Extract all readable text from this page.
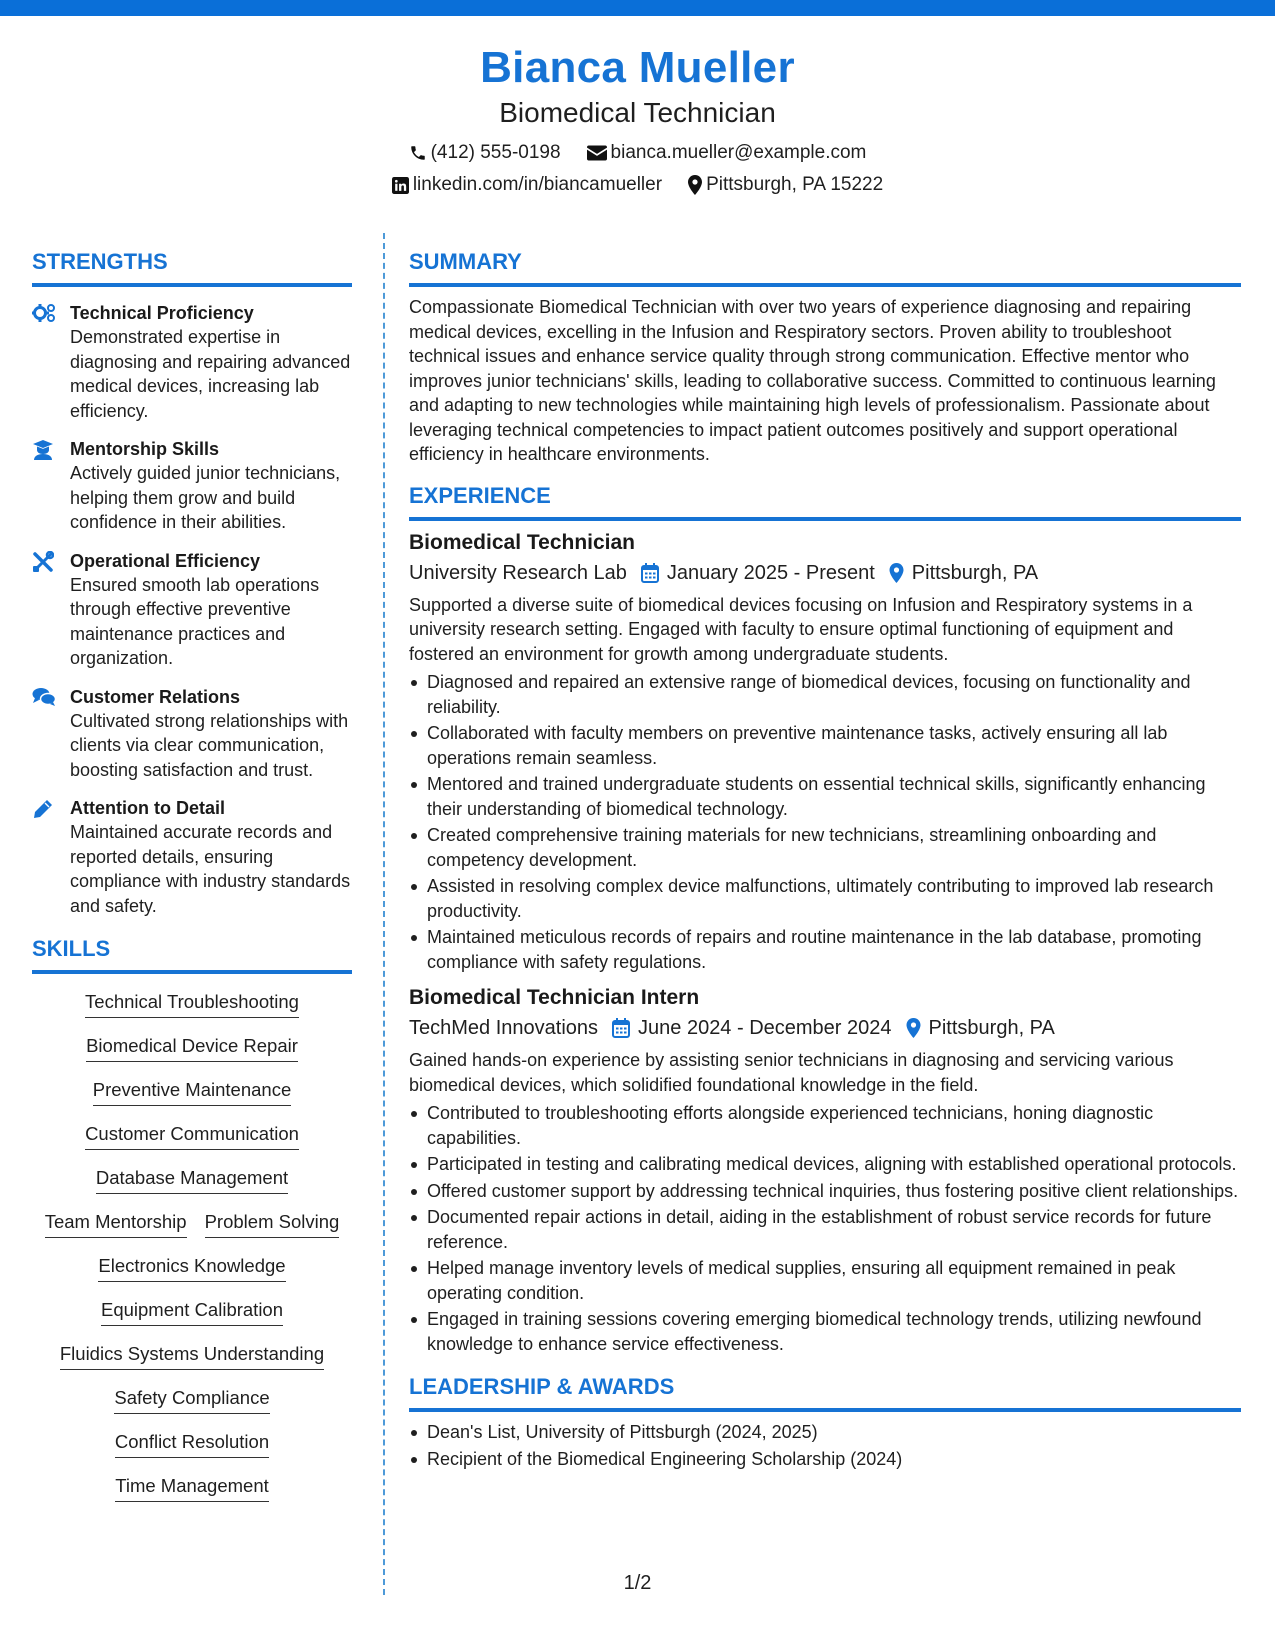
Bianca Mueller
Biomedical Technician
(412) 555-0198	bianca.mueller@example.com
linkedin.com/in/biancamueller Pittsburgh, PA 15222
STRENGTHS
Technical Proficiency
Demonstrated expertise in diagnosing and repairing advanced medical devices, increasing lab efficiency.
Mentorship Skills
Actively guided junior technicians, helping them grow and build confidence in their abilities.
Operational Efficiency
Ensured smooth lab operations through effective preventive maintenance practices and organization.
Customer Relations
Cultivated strong relationships with clients via clear communication, boosting satisfaction and trust.
Attention to Detail
Maintained accurate records and reported details, ensuring compliance with industry standards and safety.
SKILLS
Technical Troubleshooting
Biomedical Device Repair
Preventive Maintenance
Customer Communication
Database Management
Team Mentorship Problem Solving
Electronics Knowledge
Equipment Calibration
Fluidics Systems Understanding
Safety Compliance
Conflict Resolution
Time Management
SUMMARY
Compassionate Biomedical Technician with over two years of experience diagnosing and repairing medical devices, excelling in the Infusion and Respiratory sectors. Proven ability to troubleshoot technical issues and enhance service quality through strong communication. Effective mentor who improves junior technicians' skills, leading to collaborative success. Committed to continuous learning and adapting to new technologies while maintaining high levels of professionalism. Passionate about leveraging technical competencies to impact patient outcomes positively and support operational efficiency in healthcare environments.
EXPERIENCE
Biomedical Technician
University Research Lab January 2025 - Present Pittsburgh, PA
Supported a diverse suite of biomedical devices focusing on Infusion and Respiratory systems in a university research setting. Engaged with faculty to ensure optimal functioning of equipment and fostered an environment for growth among undergraduate students.
Diagnosed and repaired an extensive range of biomedical devices, focusing on functionality and reliability.
Collaborated with faculty members on preventive maintenance tasks, actively ensuring all lab operations remain seamless.
Mentored and trained undergraduate students on essential technical skills, significantly enhancing their understanding of biomedical technology.
Created comprehensive training materials for new technicians, streamlining onboarding and competency development.
Assisted in resolving complex device malfunctions, ultimately contributing to improved lab research productivity.
Maintained meticulous records of repairs and routine maintenance in the lab database, promoting compliance with safety regulations.
Biomedical Technician Intern
TechMed Innovations June 2024 - December 2024 Pittsburgh, PA
Gained hands-on experience by assisting senior technicians in diagnosing and servicing various biomedical devices, which solidified foundational knowledge in the field.
Contributed to troubleshooting efforts alongside experienced technicians, honing diagnostic capabilities.
Participated in testing and calibrating medical devices, aligning with established operational protocols.
Offered customer support by addressing technical inquiries, thus fostering positive client relationships.
Documented repair actions in detail, aiding in the establishment of robust service records for future reference.
Helped manage inventory levels of medical supplies, ensuring all equipment remained in peak operating condition.
Engaged in training sessions covering emerging biomedical technology trends, utilizing newfound knowledge to enhance service effectiveness.
LEADERSHIP & AWARDS
Dean's List, University of Pittsburgh (2024, 2025)
Recipient of the Biomedical Engineering Scholarship (2024)
1/2
